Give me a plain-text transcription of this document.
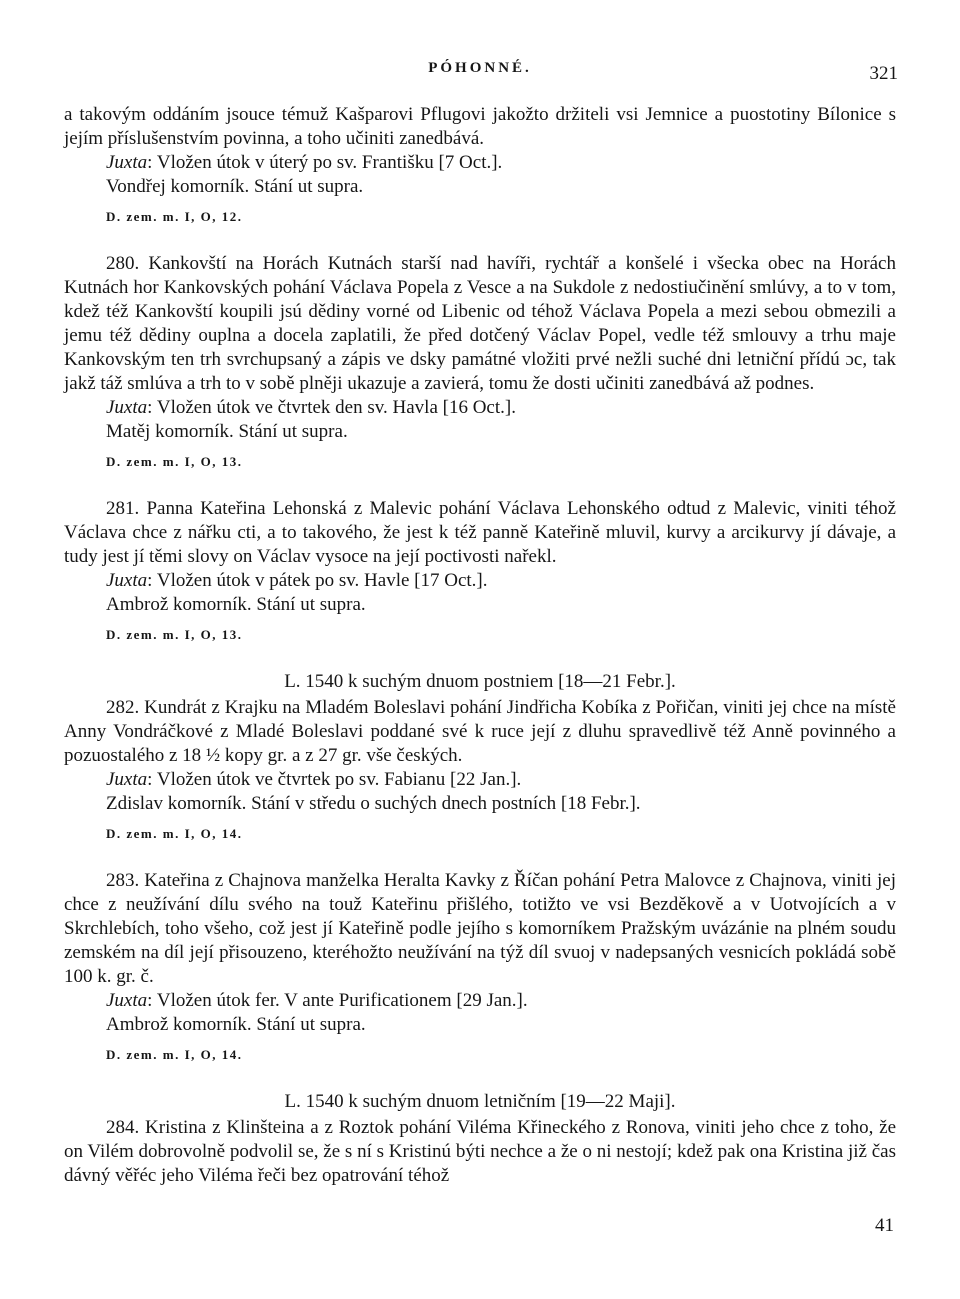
PÓHONNÉ.	321

a takovým oddáním jsouce témuž Kašparovi Pflugovi jakožto držiteli vsi Jemnice a puostotiny Bílonice s jejím příslušenstvím povinna, a toho učiniti zanedbává.

Juxta: Vložen útok v úterý po sv. Františku [7 Oct.].

Vondřej komorník. Stání ut supra.

D. zem. m. I, O, 12.

280. Kankovští na Horách Kutnách starší nad havíři, rychtář a konšelé i všecka obec na Horách Kutnách hor Kankovských pohání Václava Popela z Vesce a na Sukdole z nedostiučinění smlúvy, a to v tom, kdež též Kankovští koupili jsú dědiny vorné od Libenic od téhož Václava Popela a mezi sebou obmezili a jemu též dědiny ouplna a docela zaplatili, že před dotčený Václav Popel, vedle též smlouvy a trhu maje Kankovským ten trh svrchupsaný a zápis ve dsky památné vložiti prvé nežli suché dni letniční přídú ɔc, tak jakž táž smlúva a trh to v sobě plněji ukazuje a zavierá, tomu že dosti učiniti zanedbává až podnes.

Juxta: Vložen útok ve čtvrtek den sv. Havla [16 Oct.].

Matěj komorník. Stání ut supra.

D. zem. m. I, O, 13.

281. Panna Kateřina Lehonská z Malevic pohání Václava Lehonského odtud z Malevic, viniti téhož Václava chce z nářku cti, a to takového, že jest k též panně Kateřině mluvil, kurvy a arcikurvy jí dávaje, a tudy jest jí těmi slovy on Václav vysoce na její poctivosti nařekl.

Juxta: Vložen útok v pátek po sv. Havle [17 Oct.].

Ambrož komorník. Stání ut supra.

D. zem. m. I, O, 13.

L. 1540 k suchým dnuom postniem [18—21 Febr.].

282. Kundrát z Krajku na Mladém Boleslavi pohání Jindřicha Kobíka z Pořičan, viniti jej chce na místě Anny Vondráčkové z Mladé Boleslavi poddané své k ruce její z dluhu spravedlivě též Anně povinného a pozuostalého z 18 ½ kopy gr. a z 27 gr. vše českých.

Juxta: Vložen útok ve čtvrtek po sv. Fabianu [22 Jan.].

Zdislav komorník. Stání v středu o suchých dnech postních [18 Febr.].

D. zem. m. I, O, 14.

283. Kateřina z Chajnova manželka Heralta Kavky z Říčan pohání Petra Malovce z Chajnova, viniti jej chce z neužívání dílu svého na touž Kateřinu přišlého, totižto ve vsi Bezděkově a v Uotvojících a v Skrchlebích, toho všeho, což jest jí Kateřině podle jejího s komorníkem Pražským uvázánie na plném soudu zemském na díl její přisouzeno, kteréhožto neužívání na týž díl svuoj v nadepsaných vesnicích pokládá sobě 100 k. gr. č.

Juxta: Vložen útok fer. V ante Purificationem [29 Jan.].

Ambrož komorník. Stání ut supra.

D. zem. m. I, O, 14.

L. 1540 k suchým dnuom letničním [19—22 Maji].

284. Kristina z Klinšteina a z Roztok pohání Viléma Křineckého z Ronova, viniti jeho chce z toho, že on Vilém dobrovolně podvolil se, že s ní s Kristinú býti nechce a že o ni nestojí; kdež pak ona Kristina již čas dávný věřéc jeho Viléma řeči bez opatrování téhož

41
